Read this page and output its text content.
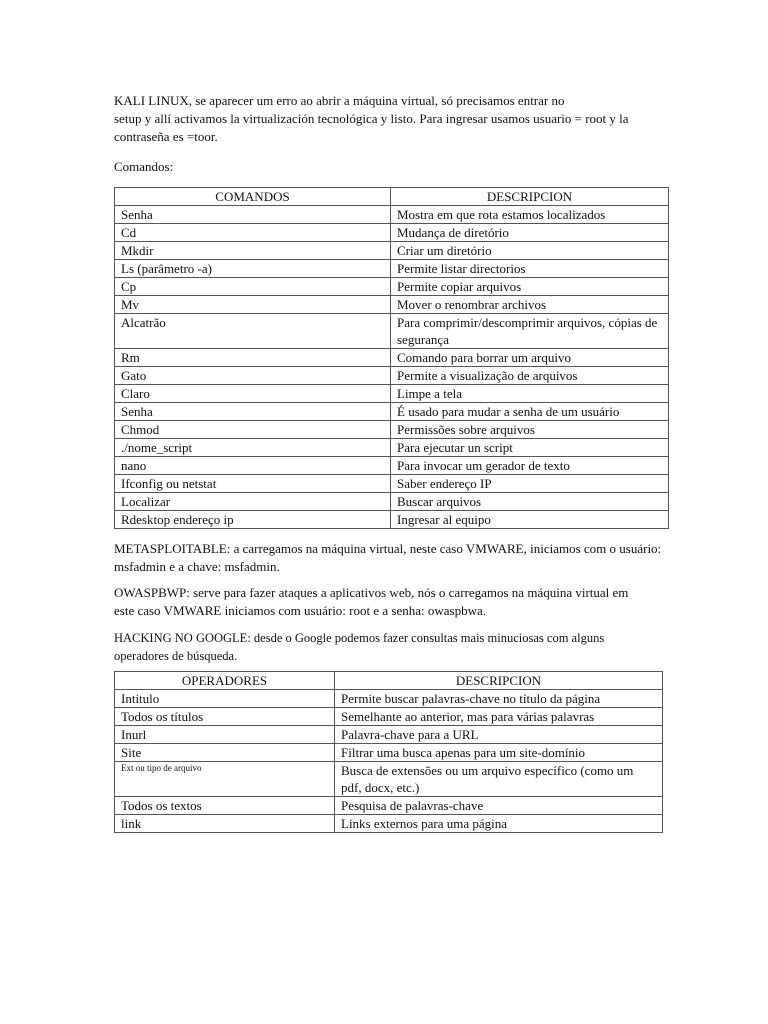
KALI LINUX, se aparecer um erro ao abrir a máquina virtual, só precisamos entrar no

setup y allí activamos la virtualización tecnológica y listo. Para ingresar usamos usuario = root y la

contraseña es =toor.

Comandos:

COMANDOS	DESCRIPCION
Senha	Mostra em que rota estamos localizados
Cd	Mudança de diretório
Mkdir	Criar um diretório
Ls (parâmetro -a)	Permite listar directorios
Cp	Permite copiar arquivos
Mv	Mover o renombrar archivos
Alcatrão	Para comprimir/descomprimir arquivos, cópias de segurança
Rm	Comando para borrar um arquivo
Gato	Permite a visualização de arquivos
Claro	Limpe a tela
Senha	É usado para mudar a senha de um usuário
Chmod	Permissões sobre arquivos
./nome_script	Para ejecutar un script
nano	Para invocar um gerador de texto
Ifconfig ou netstat	Saber endereço IP
Localizar	Buscar arquivos
Rdesktop endereço ip	Ingresar al equipo

METASPLOITABLE: a carregamos na máquina virtual, neste caso VMWARE, iniciamos com o usuário:

msfadmin e a chave: msfadmin.

OWASPBWP: serve para fazer ataques a aplicativos web, nós o carregamos na máquina virtual em

este caso VMWARE iniciamos com usuário: root e a senha: owaspbwa.

HACKING NO GOOGLE: desde o Google podemos fazer consultas mais minuciosas com alguns

operadores de búsqueda.

OPERADORES	DESCRIPCION
Intitulo	Permite buscar palavras-chave no título da página
Todos os títulos	Semelhante ao anterior, mas para várias palavras
Inurl	Palavra-chave para a URL
Site	Filtrar uma busca apenas para um site-domínio
Ext ou tipo de arquivo	Busca de extensões ou um arquivo específico (como um pdf, docx, etc.)
Todos os textos	Pesquisa de palavras-chave
link	Links externos para uma página
